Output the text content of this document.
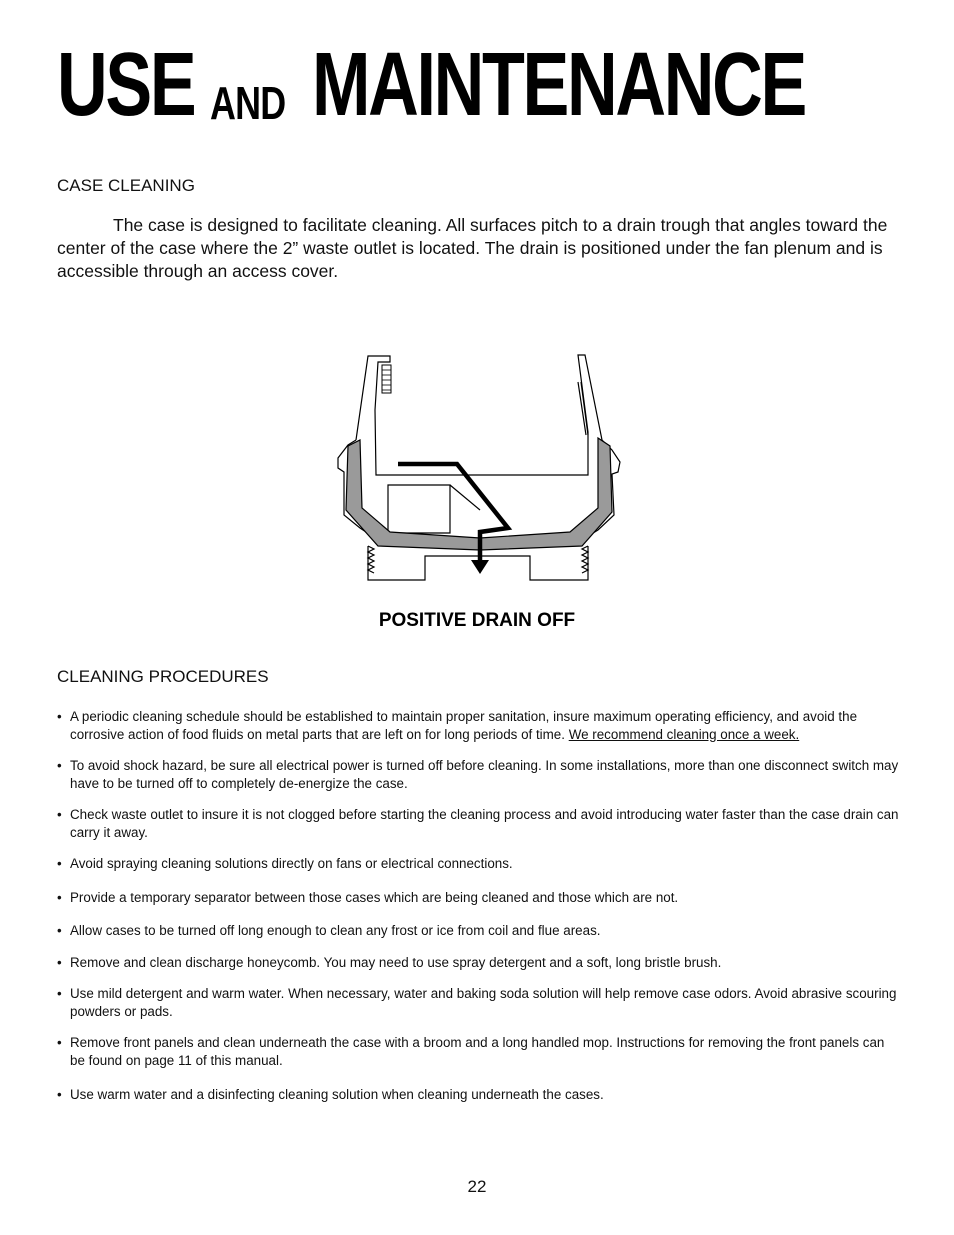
USE AND MAINTENANCE
CASE CLEANING
The case is designed to facilitate cleaning. All surfaces pitch to a drain trough that angles toward the center of the case where the 2” waste outlet is located. The drain is positioned under the fan plenum and is accessible through an access cover.
POSITIVE DRAIN OFF
CLEANING PROCEDURES
• A periodic cleaning schedule should be established to maintain proper sanitation, insure maximum operating efficiency, and avoid the corrosive action of food fluids on metal parts that are left on for long periods of time. We recommend cleaning once a week.
• To avoid shock hazard, be sure all electrical power is turned off before cleaning. In some installations, more than one disconnect switch may have to be turned off to completely de-energize the case.
• Check waste outlet to insure it is not clogged before starting the cleaning process and avoid introducing water faster than the case drain can carry it away.
• Avoid spraying cleaning solutions directly on fans or electrical connections.
• Provide a temporary separator between those cases which are being cleaned and those which are not.
• Allow cases to be turned off long enough to clean any frost or ice from coil and flue areas.
• Remove and clean discharge honeycomb. You may need to use spray detergent and a soft, long bristle brush.
• Use mild detergent and warm water. When necessary, water and baking soda solution will help remove case odors. Avoid abrasive scouring powders or pads.
• Remove front panels and clean underneath the case with a broom and a long handled mop. Instructions for removing the front panels can be found on page 11 of this manual.
• Use warm water and a disinfecting cleaning solution when cleaning underneath the cases.
22
